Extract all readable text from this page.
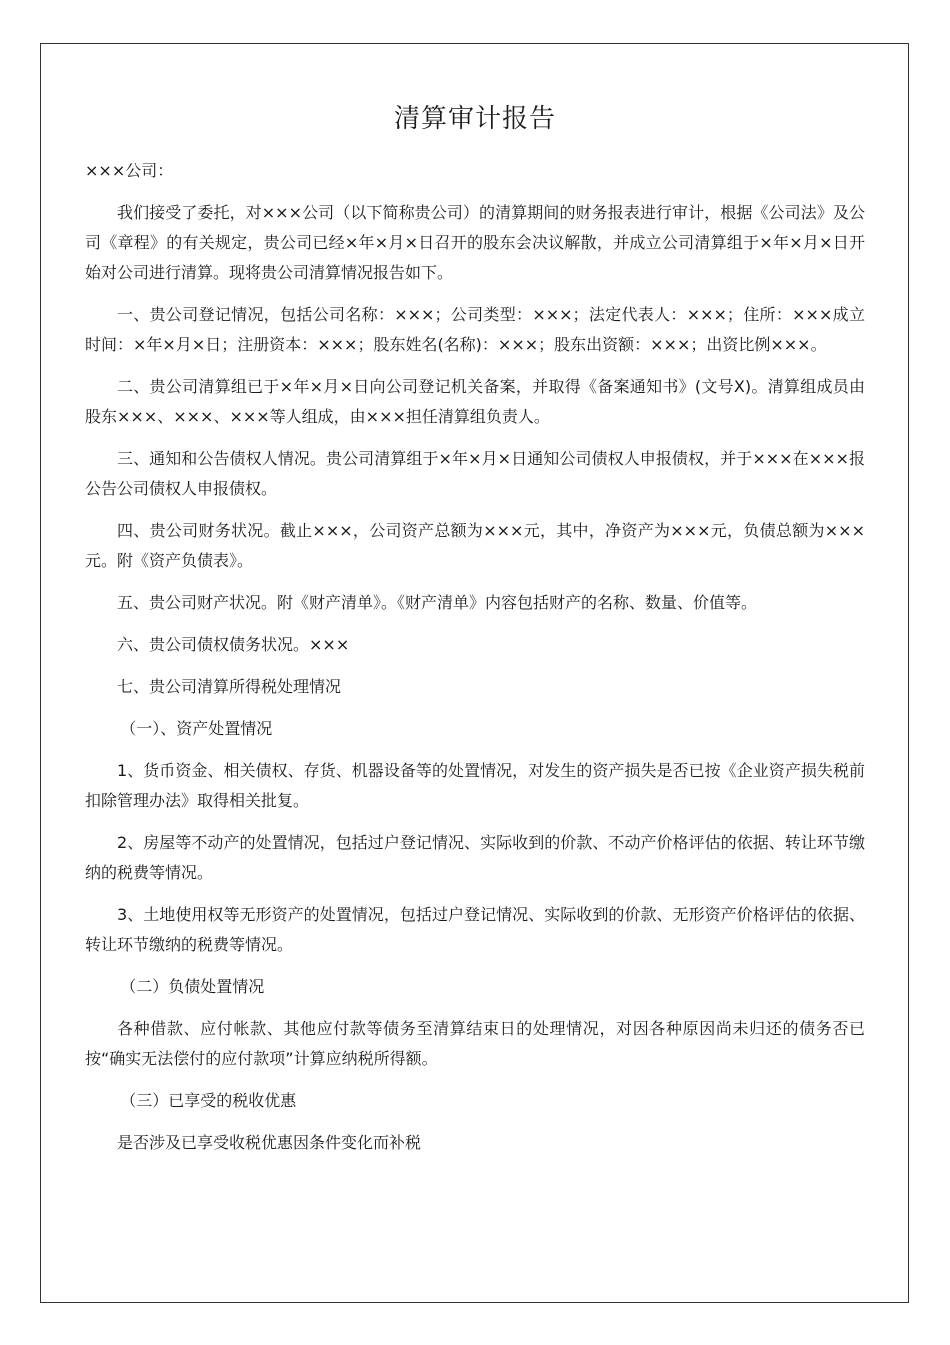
清算审计报告

×××公司：

我们接受了委托，对×××公司（以下简称贵公司）的清算期间的财务报表进行审计，根据《公司法》及公司《章程》的有关规定，贵公司已经×年×月×日召开的股东会决议解散，并成立公司清算组于×年×月×日开始对公司进行清算。现将贵公司清算情况报告如下。

一、贵公司登记情况，包括公司名称：×××；公司类型：×××；法定代表人：×××；住所：×××成立时间：×年×月×日；注册资本：×××；股东姓名(名称)：×××；股东出资额：×××；出资比例×××。

二、贵公司清算组已于×年×月×日向公司登记机关备案，并取得《备案通知书》(文号X)。清算组成员由股东×××、×××、×××等人组成，由×××担任清算组负责人。

三、通知和公告债权人情况。贵公司清算组于×年×月×日通知公司债权人申报债权，并于×××在×××报公告公司债权人申报债权。

四、贵公司财务状况。截止×××，公司资产总额为×××元，其中，净资产为×××元，负债总额为×××元。附《资产负债表》。

五、贵公司财产状况。附《财产清单》。《财产清单》内容包括财产的名称、数量、价值等。

六、贵公司债权债务状况。×××

七、贵公司清算所得税处理情况

（一）、资产处置情况

1、货币资金、相关债权、存货、机器设备等的处置情况，对发生的资产损失是否已按《企业资产损失税前扣除管理办法》取得相关批复。

2、房屋等不动产的处置情况，包括过户登记情况、实际收到的价款、不动产价格评估的依据、转让环节缴纳的税费等情况。

3、土地使用权等无形资产的处置情况，包括过户登记情况、实际收到的价款、无形资产价格评估的依据、转让环节缴纳的税费等情况。

（二）负债处置情况

各种借款、应付帐款、其他应付款等债务至清算结束日的处理情况，对因各种原因尚未归还的债务否已按“确实无法偿付的应付款项”计算应纳税所得额。

（三）已享受的税收优惠

是否涉及已享受收税优惠因条件变化而补税
